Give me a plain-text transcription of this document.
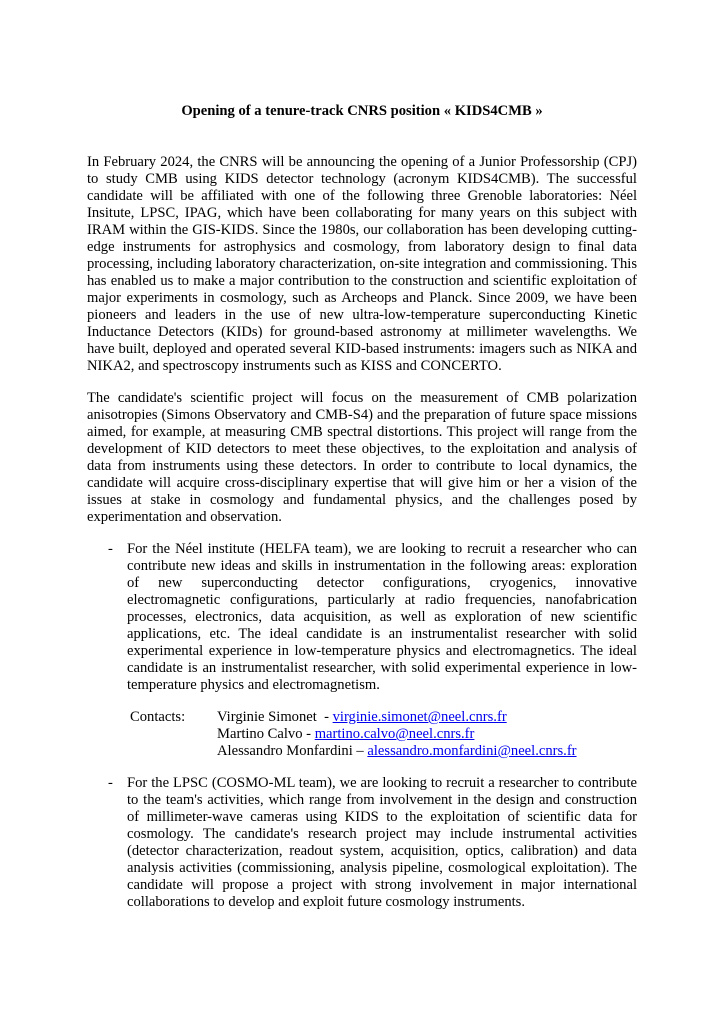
Opening of a tenure-track CNRS position « KIDS4CMB »
In February 2024, the CNRS will be announcing the opening of a Junior Professorship (CPJ) to study CMB using KIDS detector technology (acronym KIDS4CMB). The successful candidate will be affiliated with one of the following three Grenoble laboratories: Néel Insitute, LPSC, IPAG, which have been collaborating for many years on this subject with IRAM within the GIS-KIDS. Since the 1980s, our collaboration has been developing cutting-edge instruments for astrophysics and cosmology, from laboratory design to final data processing, including laboratory characterization, on-site integration and commissioning. This has enabled us to make a major contribution to the construction and scientific exploitation of major experiments in cosmology, such as Archeops and Planck. Since 2009, we have been pioneers and leaders in the use of new ultra-low-temperature superconducting Kinetic Inductance Detectors (KIDs) for ground-based astronomy at millimeter wavelengths. We have built, deployed and operated several KID-based instruments: imagers such as NIKA and NIKA2, and spectroscopy instruments such as KISS and CONCERTO.
The candidate's scientific project will focus on the measurement of CMB polarization anisotropies (Simons Observatory and CMB-S4) and the preparation of future space missions aimed, for example, at measuring CMB spectral distortions. This project will range from the development of KID detectors to meet these objectives, to the exploitation and analysis of data from instruments using these detectors. In order to contribute to local dynamics, the candidate will acquire cross-disciplinary expertise that will give him or her a vision of the issues at stake in cosmology and fundamental physics, and the challenges posed by experimentation and observation.
- For the Néel institute (HELFA team), we are looking to recruit a researcher who can contribute new ideas and skills in instrumentation in the following areas: exploration of new superconducting detector configurations, cryogenics, innovative electromagnetic configurations, particularly at radio frequencies, nanofabrication processes, electronics, data acquisition, as well as exploration of new scientific applications, etc. The ideal candidate is an instrumentalist researcher with solid experimental experience in low-temperature physics and electromagnetics. The ideal candidate is an instrumentalist researcher, with solid experimental experience in low-temperature physics and electromagnetism.
Contacts: Virginie Simonet  - virginie.simonet@neel.cnrs.fr
Martino Calvo - martino.calvo@neel.cnrs.fr
Alessandro Monfardini – alessandro.monfardini@neel.cnrs.fr
- For the LPSC (COSMO-ML team), we are looking to recruit a researcher to contribute to the team's activities, which range from involvement in the design and construction of millimeter-wave cameras using KIDS to the exploitation of scientific data for cosmology. The candidate's research project may include instrumental activities (detector characterization, readout system, acquisition, optics, calibration) and data analysis activities (commissioning, analysis pipeline, cosmological exploitation). The candidate will propose a project with strong involvement in major international collaborations to develop and exploit future cosmology instruments.
